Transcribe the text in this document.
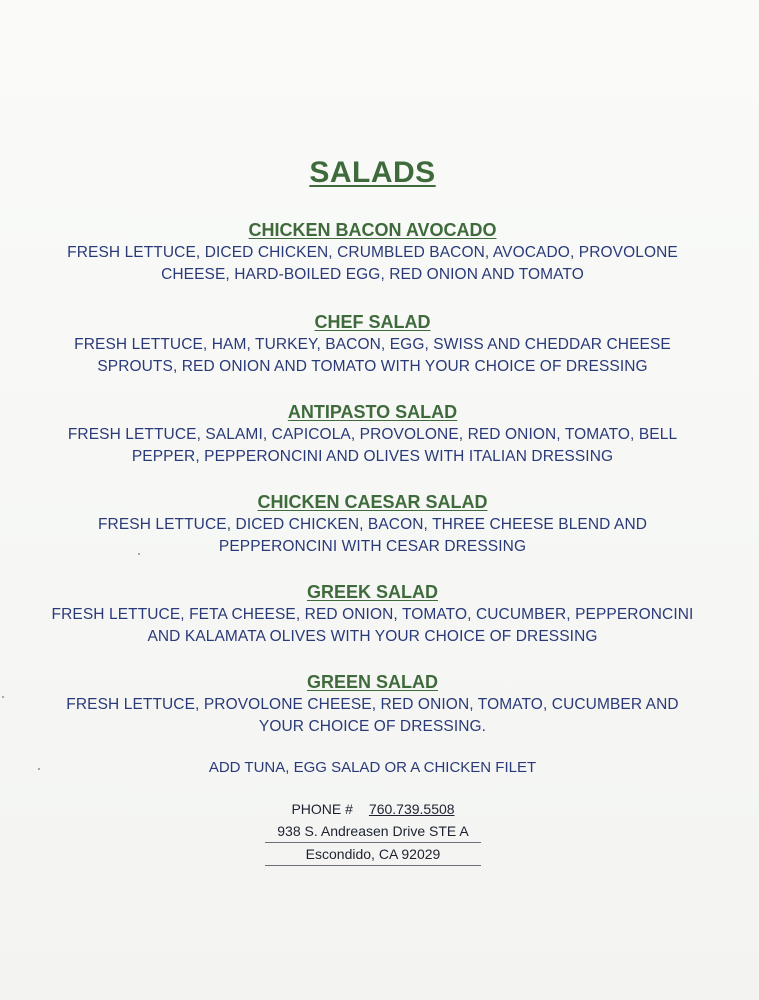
SALADS
CHICKEN BACON AVOCADO
FRESH LETTUCE, DICED CHICKEN, CRUMBLED BACON, AVOCADO, PROVOLONE
CHEESE, HARD-BOILED EGG, RED ONION AND TOMATO
CHEF SALAD
FRESH LETTUCE, HAM, TURKEY, BACON, EGG, SWISS AND CHEDDAR CHEESE
SPROUTS, RED ONION AND TOMATO WITH YOUR CHOICE OF DRESSING
ANTIPASTO SALAD
FRESH LETTUCE, SALAMI, CAPICOLA, PROVOLONE, RED ONION, TOMATO, BELL
PEPPER, PEPPERONCINI AND OLIVES WITH ITALIAN DRESSING
CHICKEN CAESAR SALAD
FRESH LETTUCE, DICED CHICKEN, BACON, THREE CHEESE BLEND AND
PEPPERONCINI WITH CESAR DRESSING
GREEK SALAD
FRESH LETTUCE, FETA CHEESE, RED ONION, TOMATO, CUCUMBER, PEPPERONCINI
AND KALAMATA OLIVES WITH YOUR CHOICE OF DRESSING
GREEN SALAD
FRESH LETTUCE, PROVOLONE CHEESE, RED ONION, TOMATO, CUCUMBER AND
YOUR CHOICE OF DRESSING.
ADD TUNA, EGG SALAD OR A CHICKEN FILET
PHONE # 760.739.5508
938 S. Andreasen Drive STE A
Escondido, CA 92029
